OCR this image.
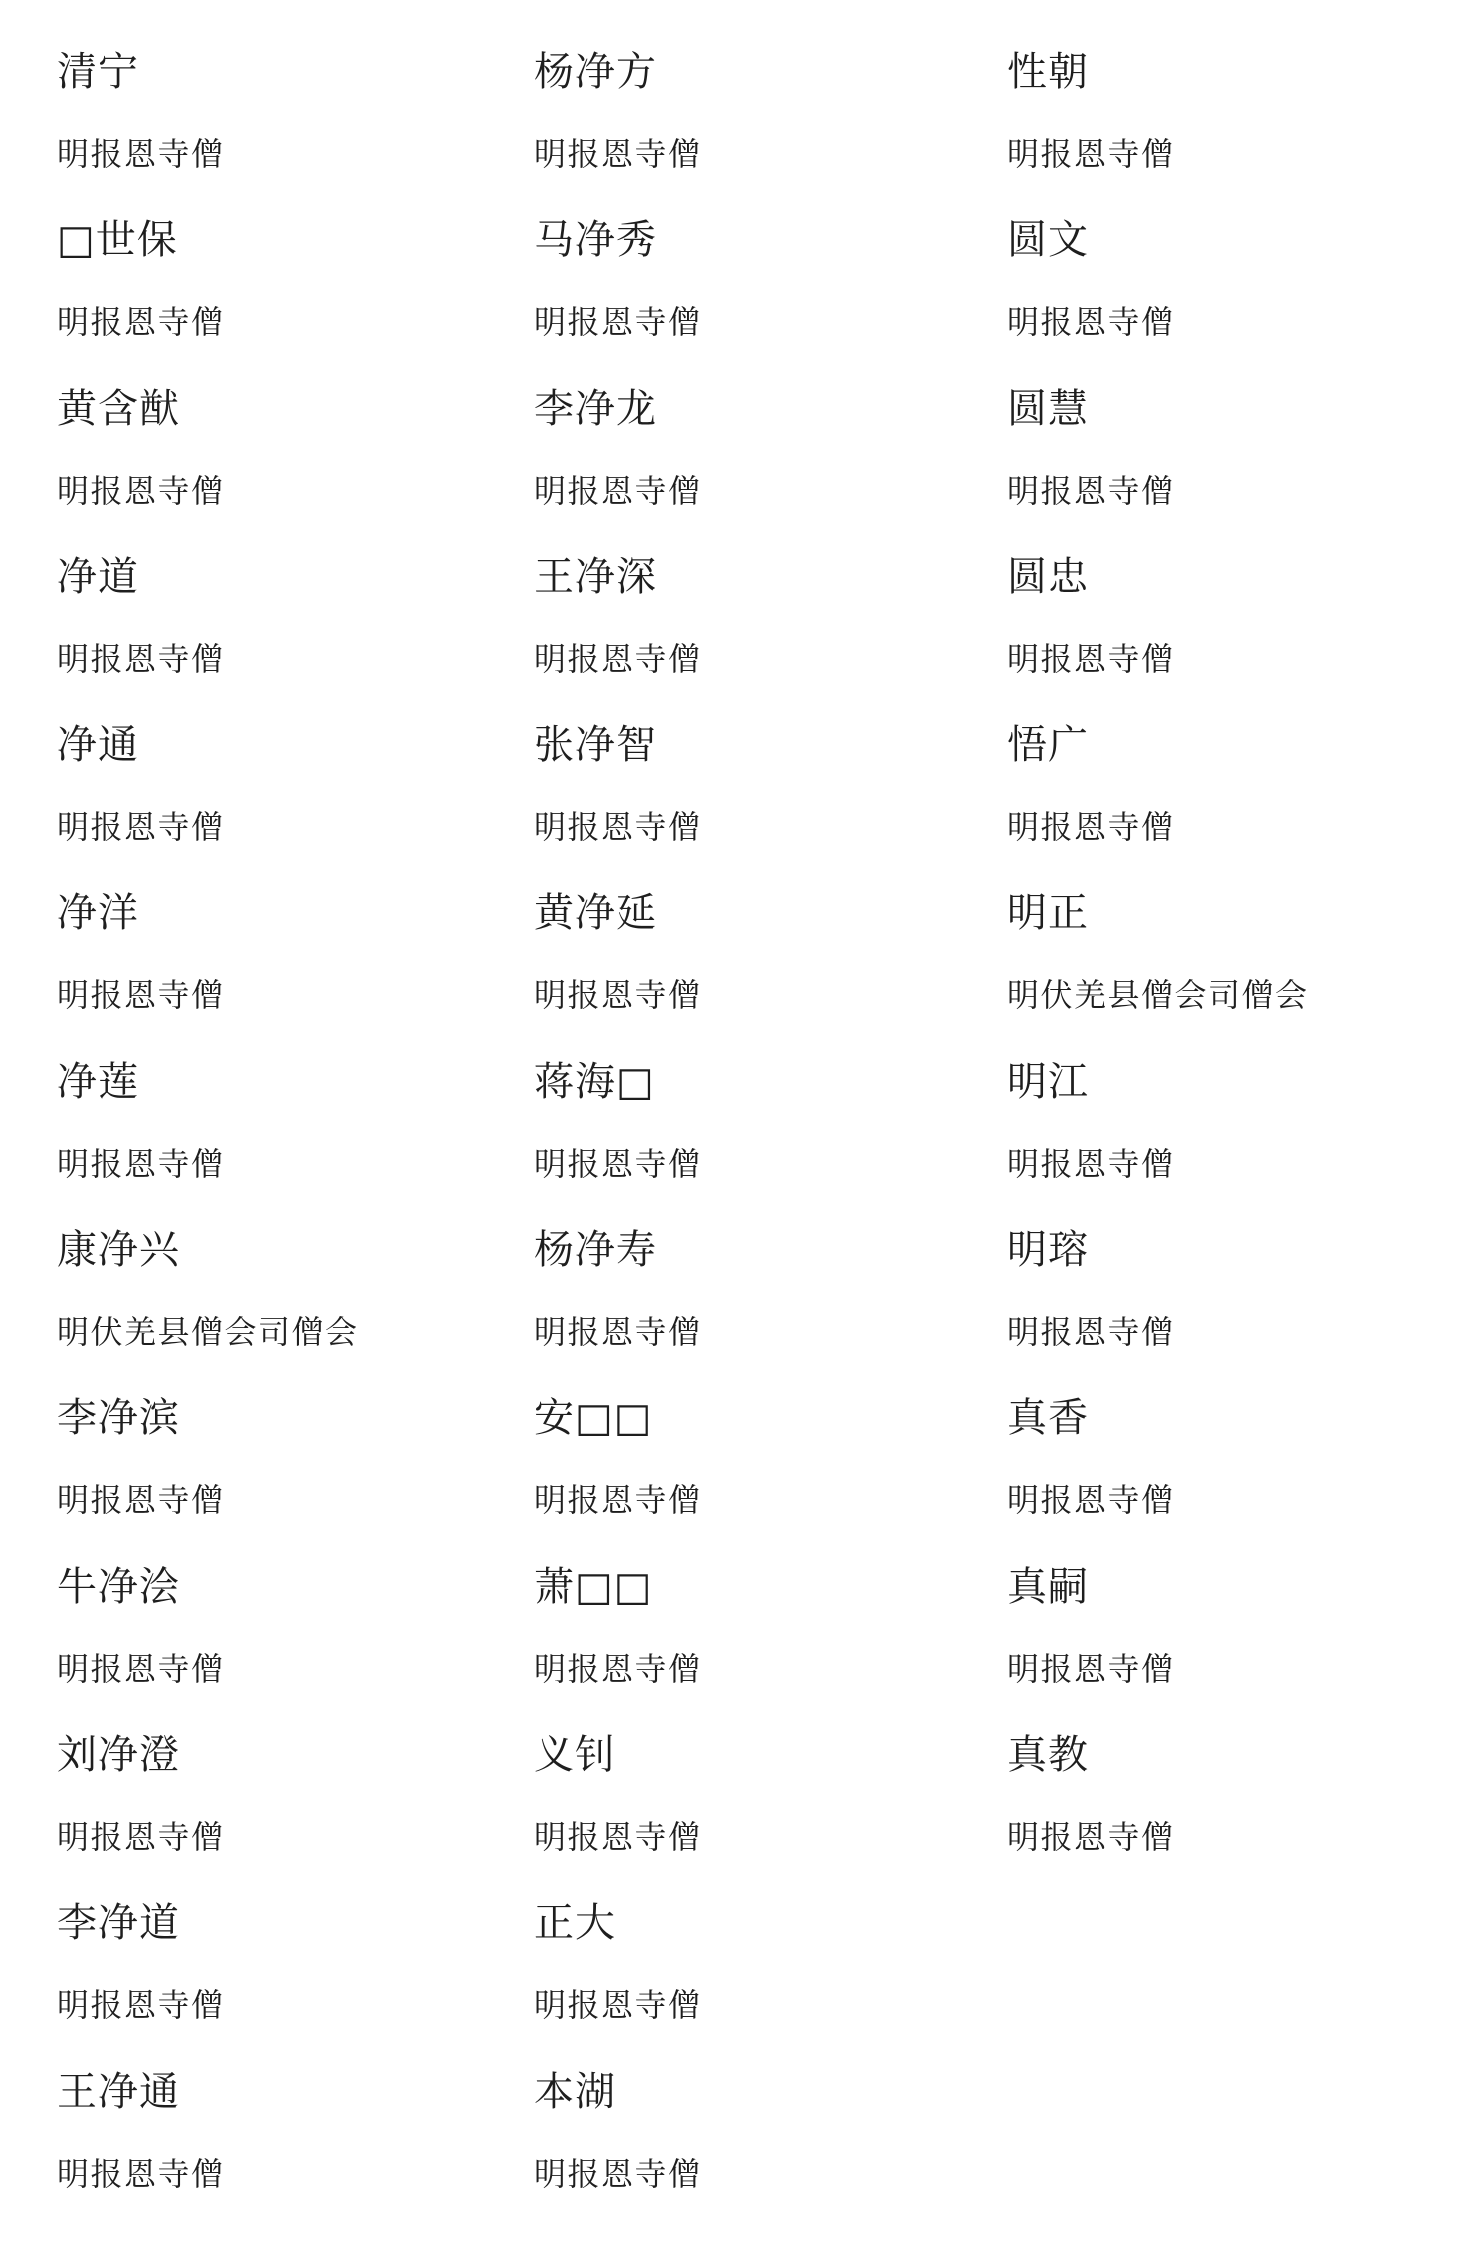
清宁
明报恩寺僧
□世保
明报恩寺僧
黄含猷
明报恩寺僧
净道
明报恩寺僧
净通
明报恩寺僧
净洋
明报恩寺僧
净莲
明报恩寺僧
康净兴
明伏羌县僧会司僧会
李净滨
明报恩寺僧
牛净浍
明报恩寺僧
刘净澄
明报恩寺僧
李净道
明报恩寺僧
王净通
明报恩寺僧
杨净方
明报恩寺僧
马净秀
明报恩寺僧
李净龙
明报恩寺僧
王净深
明报恩寺僧
张净智
明报恩寺僧
黄净延
明报恩寺僧
蒋海□
明报恩寺僧
杨净寿
明报恩寺僧
安□□
明报恩寺僧
萧□□
明报恩寺僧
义钊
明报恩寺僧
正大
明报恩寺僧
本湖
明报恩寺僧
性朝
明报恩寺僧
圆文
明报恩寺僧
圆慧
明报恩寺僧
圆忠
明报恩寺僧
悟广
明报恩寺僧
明正
明伏羌县僧会司僧会
明江
明报恩寺僧
明瑢
明报恩寺僧
真香
明报恩寺僧
真嗣
明报恩寺僧
真教
明报恩寺僧
